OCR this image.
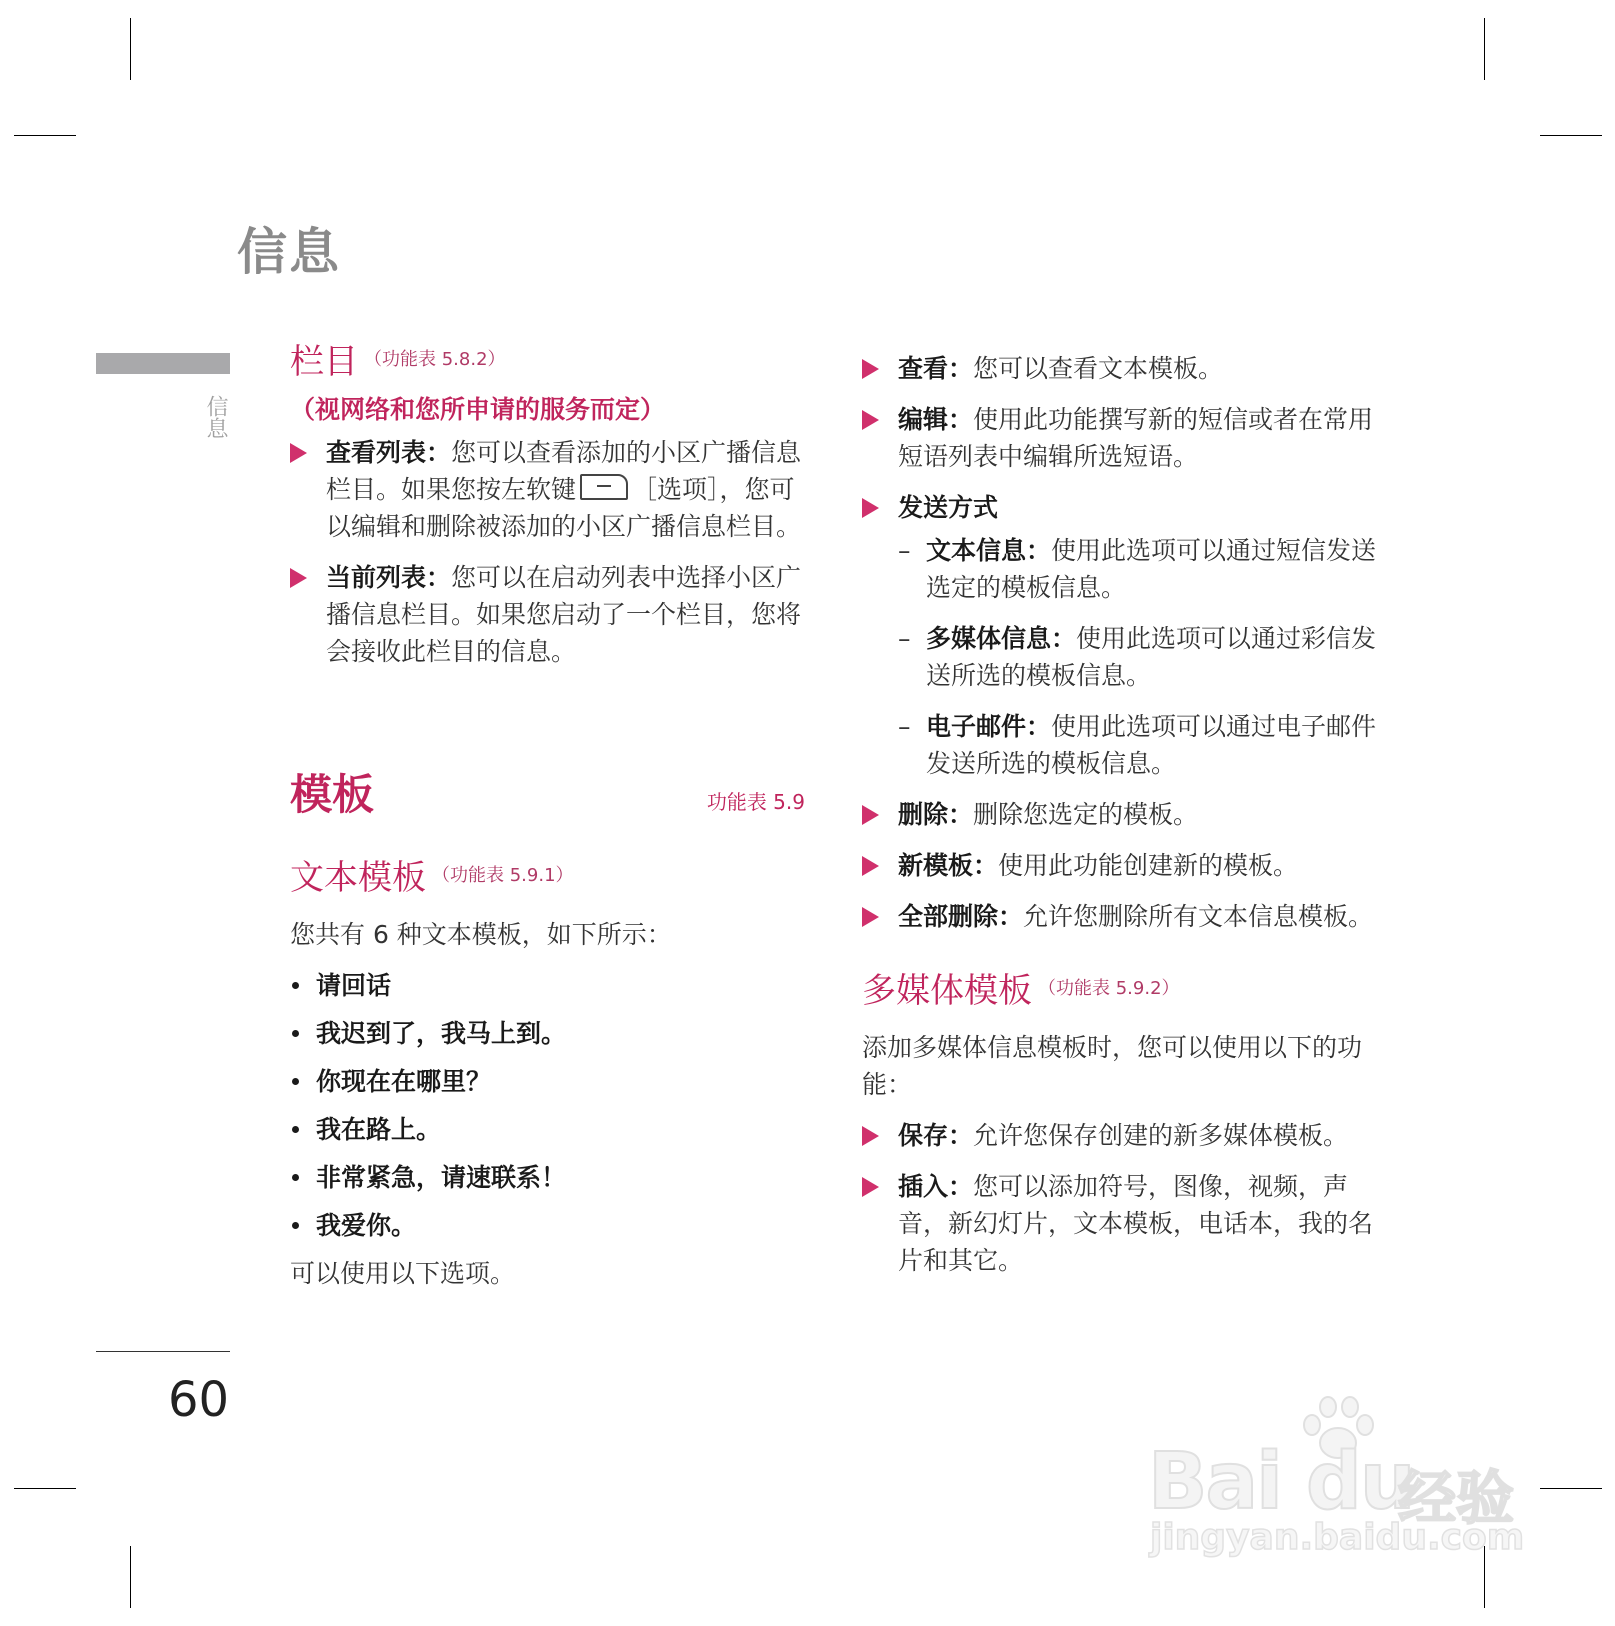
信息
信息
60
栏目 $^{(功能表 5.8.2)}$
（视网络和您所申请的服务而定）
查看列表：您可以查看添加的小区广播信息栏目。如果您按左软键 ［选项］，您可以编辑和删除被添加的小区广播信息栏目。
当前列表：您可以在启动列表中选择小区广播信息栏目。如果您启动了一个栏目，您将会接收此栏目的信息。
模板	功能表 5.9
文本模板 $^{(功能表 5.9.1)}$

您共有 6 种文本模板，如下所示：

请回话
我迟到了，我马上到。
你现在在哪里？
我在路上。
非常紧急，请速联系！
我爱你。

可以使用以下选项。

查看：您可以查看文本模板。
编辑：使用此功能撰写新的短信或者在常用短语列表中编辑所选短语。
发送方式
– 文本信息：使用此选项可以通过短信发送选定的模板信息。
– 多媒体信息：使用此选项可以通过彩信发送所选的模板信息。
– 电子邮件：使用此选项可以通过电子邮件发送所选的模板信息。
删除：删除您选定的模板。
新模板：使用此功能创建新的模板。
全部删除：允许您删除所有文本信息模板。
多媒体模板 $^{(功能表 5.9.2)}$

添加多媒体信息模板时，您可以使用以下的功能：

保存：允许您保存创建的新多媒体模板。
插入：您可以添加符号，图像，视频，声音，新幻灯片，文本模板，电话本，我的名片和其它。
Bai du
经验
jingyan.baidu.com
